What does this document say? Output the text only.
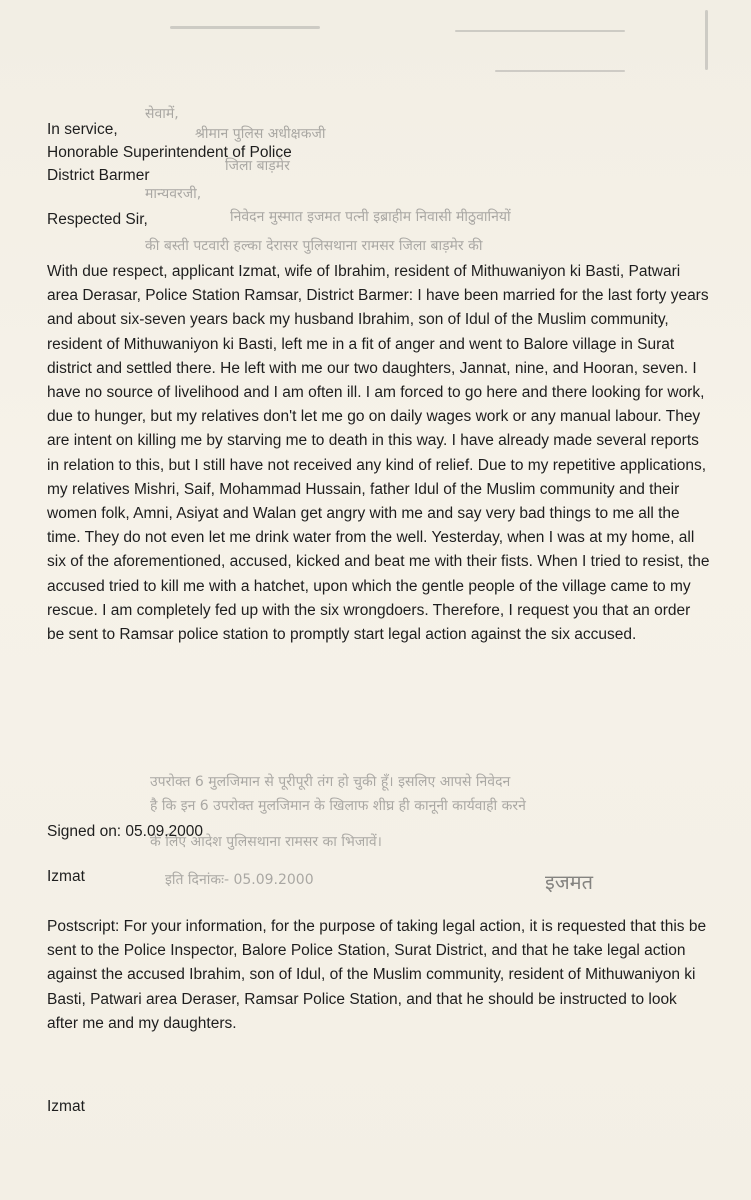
सेवामें,
श्रीमान पुलिस अधीक्षकजी
जिला बाड़मेर
मान्यवरजी,
निवेदन मुस्मात इजमत पत्नी इब्राहीम निवासी मीठुवानियों
की बस्ती पटवारी हल्का देरासर पुलिसथाना रामसर जिला बाड़मेर की
उपरोक्त 6 मुलजिमान से पूरीपूरी तंग हो चुकी हूँ। इसलिए आपसे निवेदन
है कि इन 6 उपरोक्त मुलजिमान के खिलाफ शीघ्र ही कानूनी कार्यवाही करने
के लिए आदेश पुलिसथाना रामसर का भिजावें।
इति दिनांकः- 05.09.2000	इजमत
In service,
Honorable Superintendent of Police
District Barmer
Respected Sir,
With due respect, applicant Izmat, wife of Ibrahim, resident of Mithuwaniyon ki Basti, Patwari area Derasar, Police Station Ramsar, District Barmer: I have been married for the last forty years and about six-seven years back my husband Ibrahim, son of Idul of the Muslim community, resident of Mithuwaniyon ki Basti, left me in a fit of anger and went to Balore village in Surat district and settled there. He left with me our two daughters, Jannat, nine, and Hooran, seven. I have no source of livelihood and I am often ill. I am forced to go here and there looking for work, due to hunger, but my relatives don't let me go on daily wages work or any manual labour. They are intent on killing me by starving me to death in this way. I have already made several reports in relation to this, but I still have not received any kind of relief. Due to my repetitive applications, my relatives Mishri, Saif, Mohammad Hussain, father Idul of the Muslim community and their women folk, Amni, Asiyat and Walan get angry with me and say very bad things to me all the time. They do not even let me drink water from the well. Yesterday, when I was at my home, all six of the aforementioned, accused, kicked and beat me with their fists. When I tried to resist, the accused tried to kill me with a hatchet, upon which the gentle people of the village came to my rescue. I am completely fed up with the six wrongdoers. Therefore, I request you that an order be sent to Ramsar police station to promptly start legal action against the six accused.
Signed on: 05.09.2000
Izmat
Postscript: For your information, for the purpose of taking legal action, it is requested that this be sent to the Police Inspector, Balore Police Station, Surat District, and that he take legal action against the accused Ibrahim, son of Idul, of the Muslim community, resident of Mithuwaniyon ki Basti, Patwari area Deraser, Ramsar Police Station, and that he should be instructed to look after me and my daughters.
Izmat
